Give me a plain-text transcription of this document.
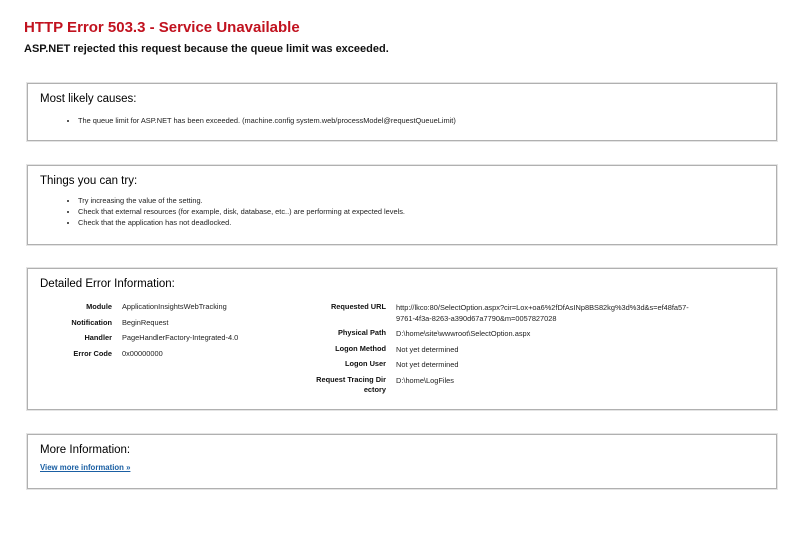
HTTP Error 503.3 - Service Unavailable
ASP.NET rejected this request because the queue limit was exceeded.
Most likely causes:
• The queue limit for ASP.NET has been exceeded. (machine.config system.web/processModel@requestQueueLimit)
Things you can try:
• Try increasing the value of the setting.
• Check that external resources (for example, disk, database, etc..) are performing at expected levels.
• Check that the application has not deadlocked.
Detailed Error Information:
Module	ApplicationInsightsWebTracking
Notification	BeginRequest
Handler	PageHandlerFactory-Integrated-4.0
Error Code	0x00000000
Requested URL	http://lkco:80/SelectOption.aspx?cir=Lox+oa6%2fDfAsINp8BS82kg%3d%3d&s=ef48fa57-
9761-4f3a-8263-a390d67a7790&m=0057827028

Physical Path	D:\home\site\wwwroot\SelectOption.aspx
Logon Method	Not yet determined
Logon User	Not yet determined

Request Tracing Dir
ectory	D:\home\LogFiles
More Information:
View more information »
